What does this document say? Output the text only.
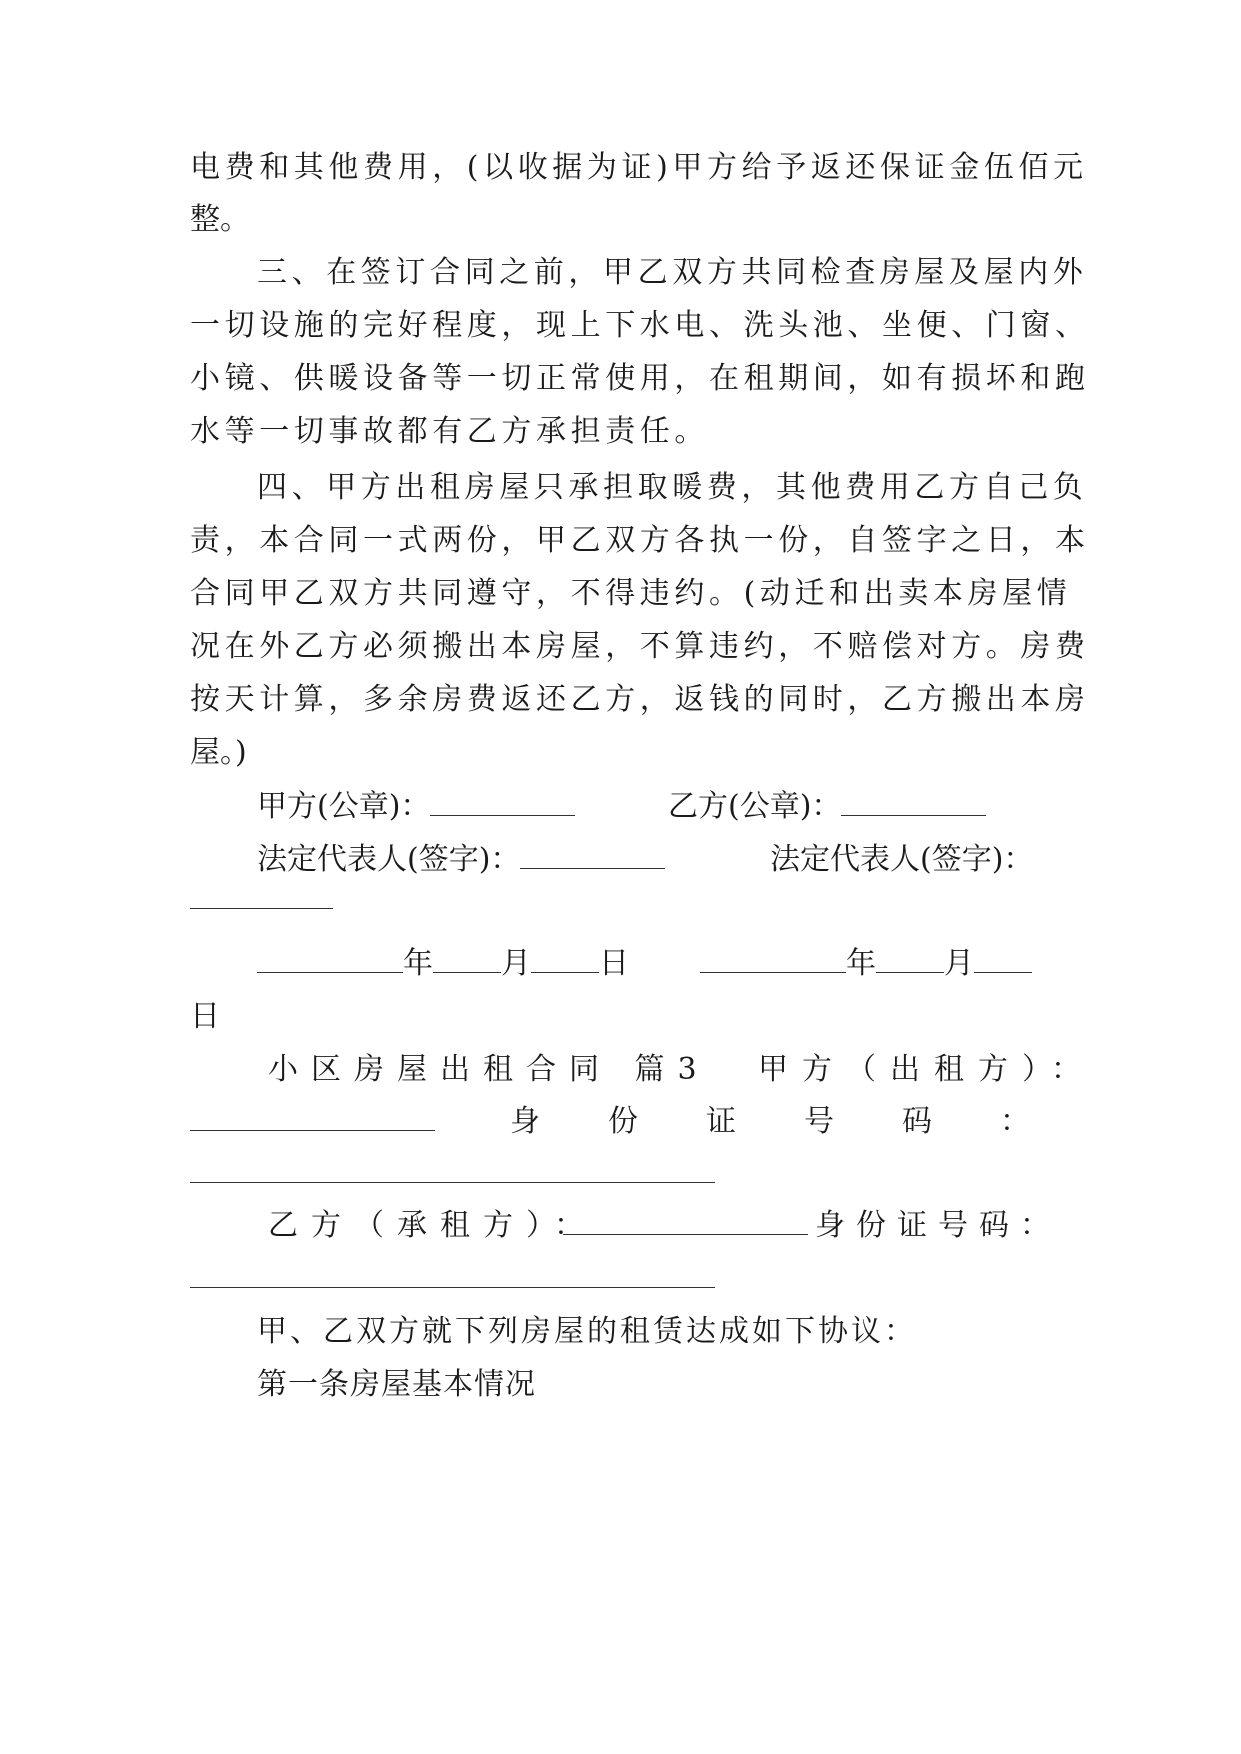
电费和其他费用，(以收据为证)甲方给予返还保证金伍佰元
整。
三、在签订合同之前，甲乙双方共同检查房屋及屋内外
一切设施的完好程度，现上下水电、洗头池、坐便、门窗、
小镜、供暖设备等一切正常使用，在租期间，如有损坏和跑
水等一切事故都有乙方承担责任。
四、甲方出租房屋只承担取暖费，其他费用乙方自己负
责，本合同一式两份，甲乙双方各执一份，自签字之日，本
合同甲乙双方共同遵守，不得违约。(动迁和出卖本房屋情
况在外乙方必须搬出本房屋，不算违约，不赔偿对方。房费
按天计算，多余房费返还乙方，返钱的同时，乙方搬出本房
屋。)
甲方(公章)：	乙方(公章)：
法定代表人(签字)：	法定代表人(签字)：
年 月 日	年 月
日
小区房屋出租合同 篇3 甲方（出租方）：
身份证号码：
乙方（承租方）：	身份证号码：
甲、乙双方就下列房屋的租赁达成如下协议：
第一条房屋基本情况
